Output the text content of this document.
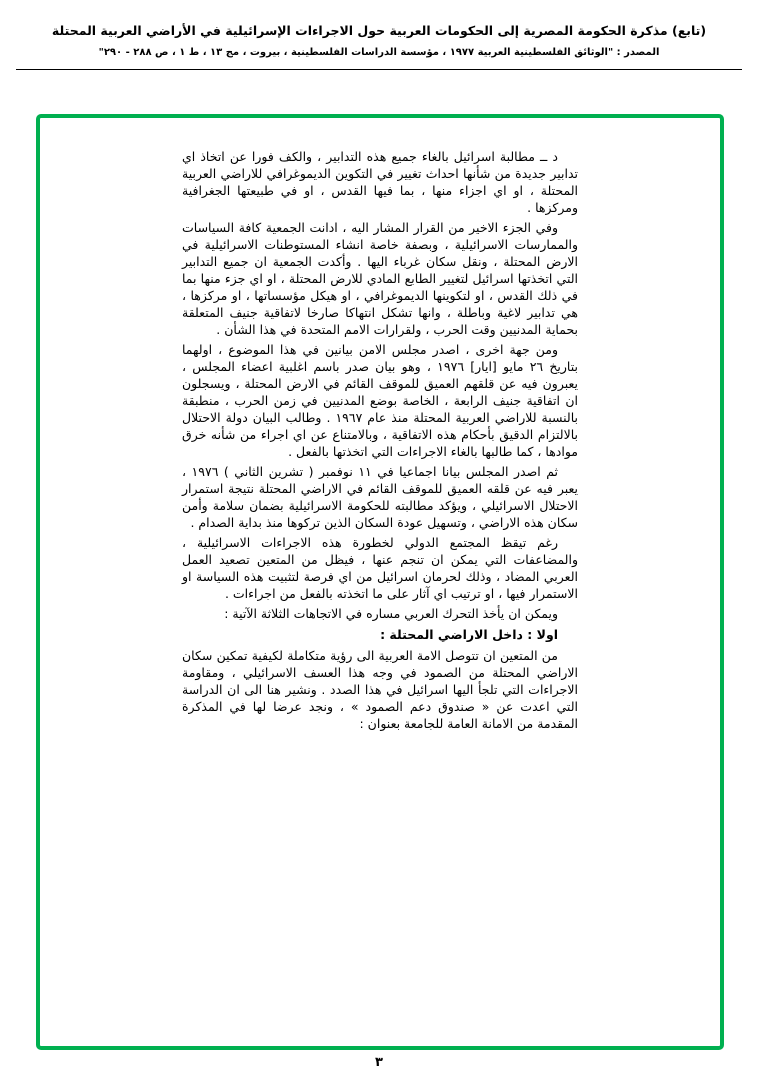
(تابع) مذكرة الحكومة المصرية إلى الحكومات العربية حول الاجراءات الإسرائيلية في الأراضي العربية المحتلة
المصدر : "الوثائق الفلسطينية العربية ١٩٧٧ ، مؤسسة الدراسات الفلسطينية ، بيروت ، مج ١٣ ، ط ١ ، ص ٢٨٨ - ٢٩٠"

د ــ مطالبة اسرائيل بالغاء جميع هذه التدابير ، والكف فورا عن اتخاذ اي تدابير جديدة من شأنها احداث تغيير في التكوين الديموغرافي للاراضي العربية المحتلة ، او اي اجزاء منها ، بما فيها القدس ، او في طبيعتها الجغرافية ومركزها .

وفي الجزء الاخير من القرار المشار اليه ، ادانت الجمعية كافة السياسات والممارسات الاسرائيلية ، وبصفة خاصة انشاء المستوطنات الاسرائيلية في الارض المحتلة ، ونقل سكان غرباء اليها . وأكدت الجمعية ان جميع التدابير التي اتخذتها اسرائيل لتغيير الطابع المادي للارض المحتلة ، او اي جزء منها بما في ذلك القدس ، او لتكوينها الديموغرافي ، او هيكل مؤسساتها ، او مركزها ، هي تدابير لاغية وباطلة ، وانها تشكل انتهاكا صارخا لاتفاقية جنيف المتعلقة بحماية المدنيين وقت الحرب ، ولقرارات الامم المتحدة في هذا الشأن .

ومن جهة اخرى ، اصدر مجلس الامن بيانين في هذا الموضوع ، اولهما بتاريخ ٢٦ مايو [ايار] ١٩٧٦ ، وهو بيان صدر باسم اغلبية اعضاء المجلس ، يعبرون فيه عن قلقهم العميق للموقف القائم في الارض المحتلة ، ويسجلون ان اتفاقية جنيف الرابعة ، الخاصة بوضع المدنيين في زمن الحرب ، منطبقة بالنسبة للاراضي العربية المحتلة منذ عام ١٩٦٧ . وطالب البيان دولة الاحتلال بالالتزام الدقيق بأحكام هذه الاتفاقية ، وبالامتناع عن اي اجراء من شأنه خرق موادها ، كما طالبها بالغاء الاجراءات التي اتخذتها بالفعل .

ثم اصدر المجلس بيانا اجماعيا في ١١ نوفمبر ( تشرين الثاني ) ١٩٧٦ ، يعبر فيه عن قلقه العميق للموقف القائم في الاراضي المحتلة نتيجة استمرار الاحتلال الاسرائيلي ، ويؤكد مطالبته للحكومة الاسرائيلية بضمان سلامة وأمن سكان هذه الاراضي ، وتسهيل عودة السكان الذين تركوها منذ بداية الصدام .

رغم تيقظ المجتمع الدولي لخطورة هذه الاجراءات الاسرائيلية ، والمضاعفات التي يمكن ان تنجم عنها ، فيظل من المتعين تصعيد العمل العربي المضاد ، وذلك لحرمان اسرائيل من اي فرصة لتثبيت هذه السياسة او الاستمرار فيها ، او ترتيب اي آثار على ما اتخذته بالفعل من اجراءات .

ويمكن ان يأخذ التحرك العربي مساره في الاتجاهات الثلاثة الآتية :

اولا : داخل الاراضي المحتلة :

من المتعين ان تتوصل الامة العربية الى رؤية متكاملة لكيفية تمكين سكان الاراضي المحتلة من الصمود في وجه هذا العسف الاسرائيلي ، ومقاومة الاجراءات التي تلجأ اليها اسرائيل في هذا الصدد . ونشير هنا الى ان الدراسة التي اعدت عن « صندوق دعم الصمود » ، ونجد عرضا لها في المذكرة المقدمة من الامانة العامة للجامعة بعنوان :

٣
